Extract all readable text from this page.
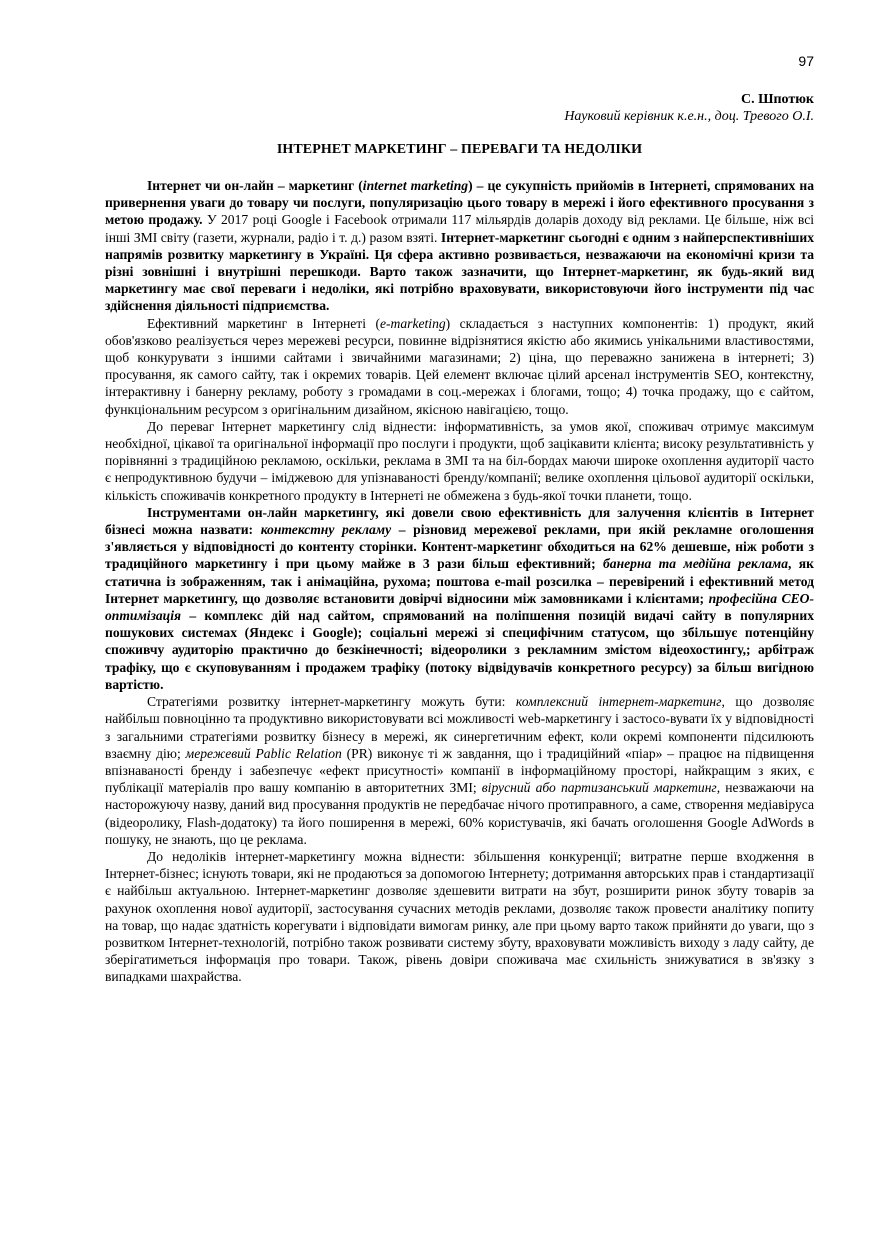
97
С. Шпотюк
Науковий керівник к.е.н., доц. Тревого О.І.
ІНТЕРНЕТ МАРКЕТИНГ – ПЕРЕВАГИ ТА НЕДОЛІКИ

Інтернет чи он-лайн – маркетинг (internet marketing) – це сукупність прийомів в Інтернеті, спрямованих на привернення уваги до товару чи послуги, популяризацію цього товару в мережі і його ефективного просування з метою продажу. У 2017 році Google і Facebook отримали 117 мільярдів доларів доходу від реклами. Це більше, ніж всі інші ЗМІ світу (газети, журнали, радіо і т. д.) разом взяті. Інтернет-маркетинг сьогодні є одним з найперспективніших напрямів розвитку маркетингу в Україні. Ця сфера активно розвивається, незважаючи на економічні кризи та різні зовнішні і внутрішні перешкоди. Варто також зазначити, що Інтернет-маркетинг, як будь-який вид маркетингу має свої переваги і недоліки, які потрібно враховувати, використовуючи його інструменти під час здійснення діяльності підприємства.

Ефективний маркетинг в Інтернеті (e-marketing) складається з наступних компонентів: 1) продукт, який обов'язково реалізується через мережеві ресурси, повинне відрізнятися якістю або якимись унікальними властивостями, щоб конкурувати з іншими сайтами і звичайними магазинами; 2) ціна, що переважно занижена в інтернеті; 3) просування, як самого сайту, так і окремих товарів. Цей елемент включає цілий арсенал інструментів SEO, контекстну, інтерактивну і банерну рекламу, роботу з громадами в соц.-мережах і блогами, тощо; 4) точка продажу, що є сайтом, функціональним ресурсом з оригінальним дизайном, якісною навігацією, тощо.

До переваг Інтернет маркетингу слід віднести: інформативність, за умов якої, споживач отримує максимум необхідної, цікавої та оригінальної інформації про послуги і продукти, щоб зацікавити клієнта; високу результативність у порівнянні з традиційною рекламою, оскільки, реклама в ЗМІ та на біл-бордах маючи широке охоплення аудиторії часто є непродуктивною будучи – іміджевою для упізнаваності бренду/компанії; велике охоплення цільової аудиторії оскільки, кількість споживачів конкретного продукту в Інтернеті не обмежена з будь-якої точки планети, тощо.

Інструментами он-лайн маркетингу, які довели свою ефективність для залучення клієнтів в Інтернет бізнесі можна назвати: контекстну рекламу – різновид мережевої реклами, при якій рекламне оголошення з'являється у відповідності до контенту сторінки. Контент-маркетинг обходиться на 62% дешевше, ніж роботи з традиційного маркетингу і при цьому майже в 3 рази більш ефективний; банерна та медійна реклама, як статична із зображенням, так і анімаційна, рухома; поштова e-mail розсилка – перевірений і ефективний метод Інтернет маркетингу, що дозволяє встановити довірчі відносини між замовниками і клієнтами; професійна СЕО-оптимізація – комплекс дій над сайтом, спрямований на поліпшення позицій видачі сайту в популярних пошукових системах (Яндекс і Google); соціальні мережі зі специфічним статусом, що збільшує потенційну споживчу аудиторію практично до безкінечності; відеоролики з рекламним змістом відеохостингу,; арбітраж трафіку, що є скуповуванням і продажем трафіку (потоку відвідувачів конкретного ресурсу) за більш вигідною вартістю.

Стратегіями розвитку інтернет-маркетингу можуть бути: комплексний інтернет-маркетинг, що дозволяє найбільш повноцінно та продуктивно використовувати всі можливості web-маркетингу і застосо-вувати їх у відповідності з загальними стратегіями розвитку бізнесу в мережі, як синергетичним ефект, коли окремі компоненти підсилюють взаємну дію; мережевий Pablic Relation (PR) виконує ті ж завдання, що і традиційний «піар» – працює на підвищення впізнаваності бренду і забезпечує «ефект присутності» компанії в інформаційному просторі, найкращим з яких, є публікації матеріалів про вашу компанію в авторитетних ЗМІ; вірусний або партизанський маркетинг, незважаючи на насторожуючу назву, даний вид просування продуктів не передбачає нічого протиправного, а саме, створення медіавіруса (відеоролику, Flash-додатоку) та його поширення в мережі, 60% користувачів, які бачать оголошення Google AdWords в пошуку, не знають, що це реклама.

До недоліків інтернет-маркетингу можна віднести: збільшення конкуренції; витратне перше входження в Інтернет-бізнес; існують товари, які не продаються за допомогою Інтернету; дотримання авторських прав і стандартизації є найбільш актуальною. Інтернет-маркетинг дозволяє здешевити витрати на збут, розширити ринок збуту товарів за рахунок охоплення нової аудиторії, застосування сучасних методів реклами, дозволяє також провести аналітику попиту на товар, що надає здатність корегувати і відповідати вимогам ринку, але при цьому варто також прийняти до уваги, що з розвитком Інтернет-технологій, потрібно також розвивати систему збуту, враховувати можливість виходу з ладу сайту, де зберігатиметься інформація про товари. Також, рівень довіри споживача має схильність знижуватися в зв'язку з випадками шахрайства.
